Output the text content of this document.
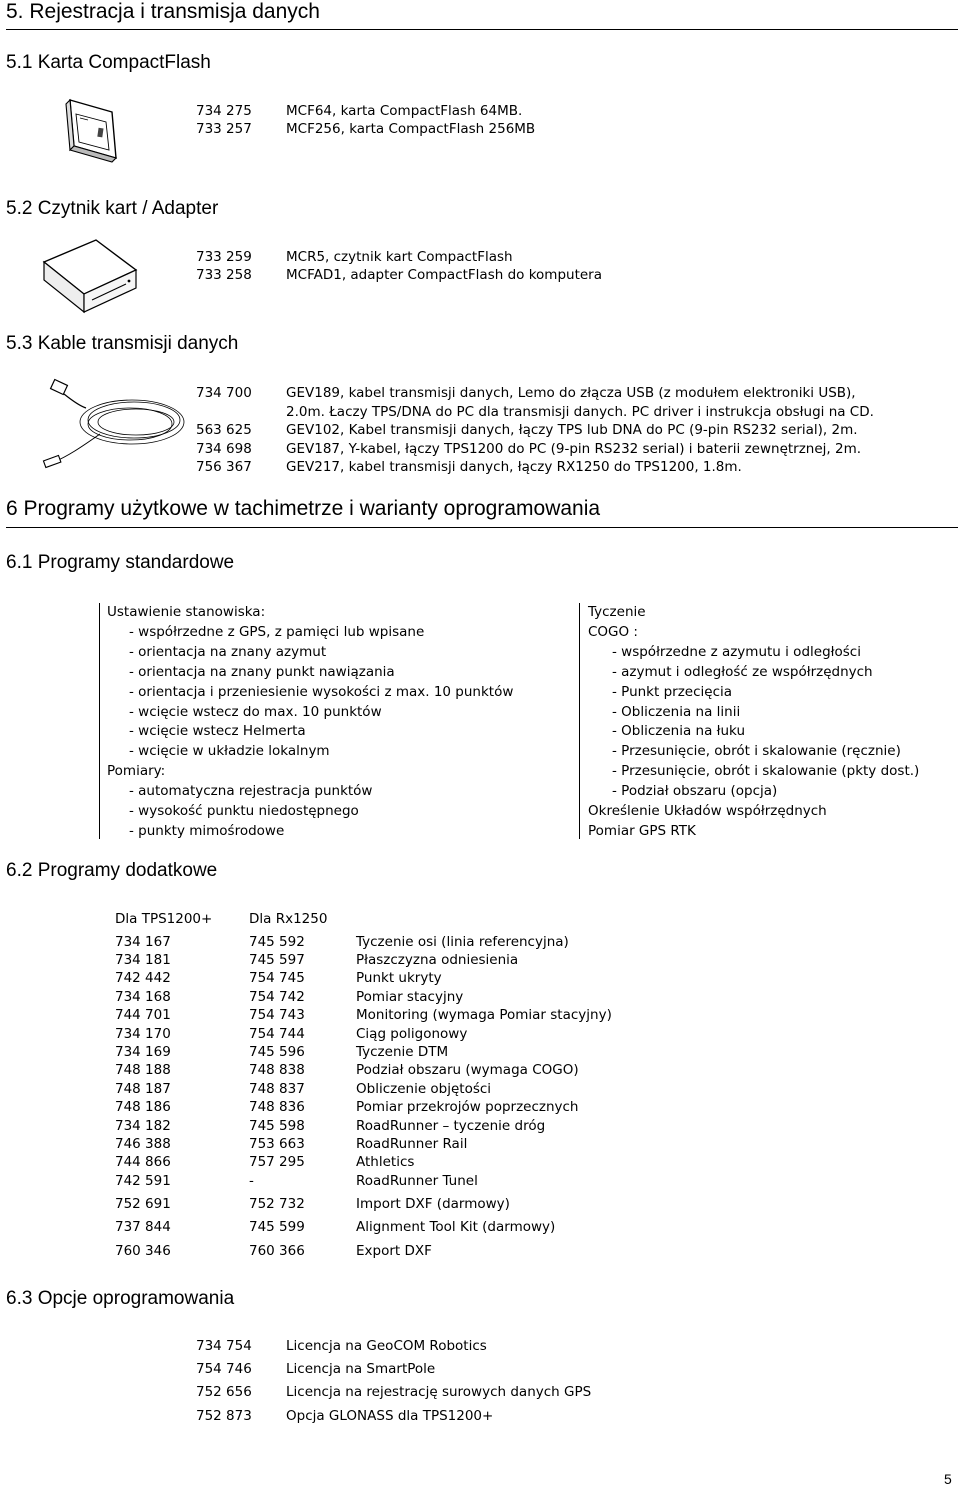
5. Rejestracja i transmisja danych
5.1 Karta CompactFlash
734 275	MCF64, karta CompactFlash 64MB.
733 257	MCF256, karta CompactFlash 256MB
5.2 Czytnik kart / Adapter
733 259	MCR5, czytnik kart CompactFlash
733 258	MCFAD1, adapter CompactFlash do komputera
5.3 Kable transmisji danych
734 700	GEV189, kabel transmisji danych, Lemo do złącza USB (z modułem elektroniki USB),
2.0m. Łaczy TPS/DNA do PC dla transmisji danych. PC driver i instrukcja obsługi na CD.
563 625	GEV102, Kabel transmisji danych, łączy TPS lub DNA do PC (9-pin RS232 serial), 2m.
734 698	GEV187, Y-kabel, łączy TPS1200 do PC (9-pin RS232 serial) i baterii zewnętrznej, 2m.
756 367	GEV217, kabel transmisji danych, łączy RX1250 do TPS1200, 1.8m.
6 Programy użytkowe w tachimetrze i warianty oprogramowania
6.1 Programy standardowe
Ustawienie stanowiska:
- współrzedne z GPS, z pamięci lub wpisane
- orientacja na znany azymut
- orientacja na znany punkt nawiązania
- orientacja i przeniesienie wysokości z max. 10 punktów
- wcięcie wstecz do max. 10 punktów
- wcięcie wstecz Helmerta
- wcięcie w układzie lokalnym
Pomiary:
- automatyczna rejestracja punktów
- wysokość punktu niedostępnego
- punkty mimośrodowe
Tyczenie
COGO :
- współrzedne z azymutu i odległości
- azymut i odległość ze współrzędnych
- Punkt przecięcia
- Obliczenia na linii
- Obliczenia na łuku
- Przesunięcie, obrót i skalowanie (ręcznie)
- Przesunięcie, obrót i skalowanie (pkty dost.)
- Podział obszaru (opcja)
Określenie Układów współrzędnych
Pomiar GPS RTK
6.2 Programy dodatkowe
Dla TPS1200+	Dla Rx1250
734 167	745 592	Tyczenie osi (linia referencyjna)
734 181	745 597	Płaszczyzna odniesienia
742 442	754 745	Punkt ukryty
734 168	754 742	Pomiar stacyjny
744 701	754 743	Monitoring (wymaga Pomiar stacyjny)
734 170	754 744	Ciąg poligonowy
734 169	745 596	Tyczenie DTM
748 188	748 838	Podział obszaru (wymaga COGO)
748 187	748 837	Obliczenie objętości
748 186	748 836	Pomiar przekrojów poprzecznych
734 182	745 598	RoadRunner – tyczenie dróg
746 388	753 663	RoadRunner Rail
744 866	757 295	Athletics
742 591	-	RoadRunner Tunel
752 691	752 732	Import DXF (darmowy)
737 844	745 599	Alignment Tool Kit (darmowy)
760 346	760 366	Export DXF
6.3 Opcje oprogramowania
734 754	Licencja na GeoCOM Robotics
754 746	Licencja na SmartPole
752 656	Licencja na rejestrację surowych danych GPS
752 873	Opcja GLONASS dla TPS1200+
5
